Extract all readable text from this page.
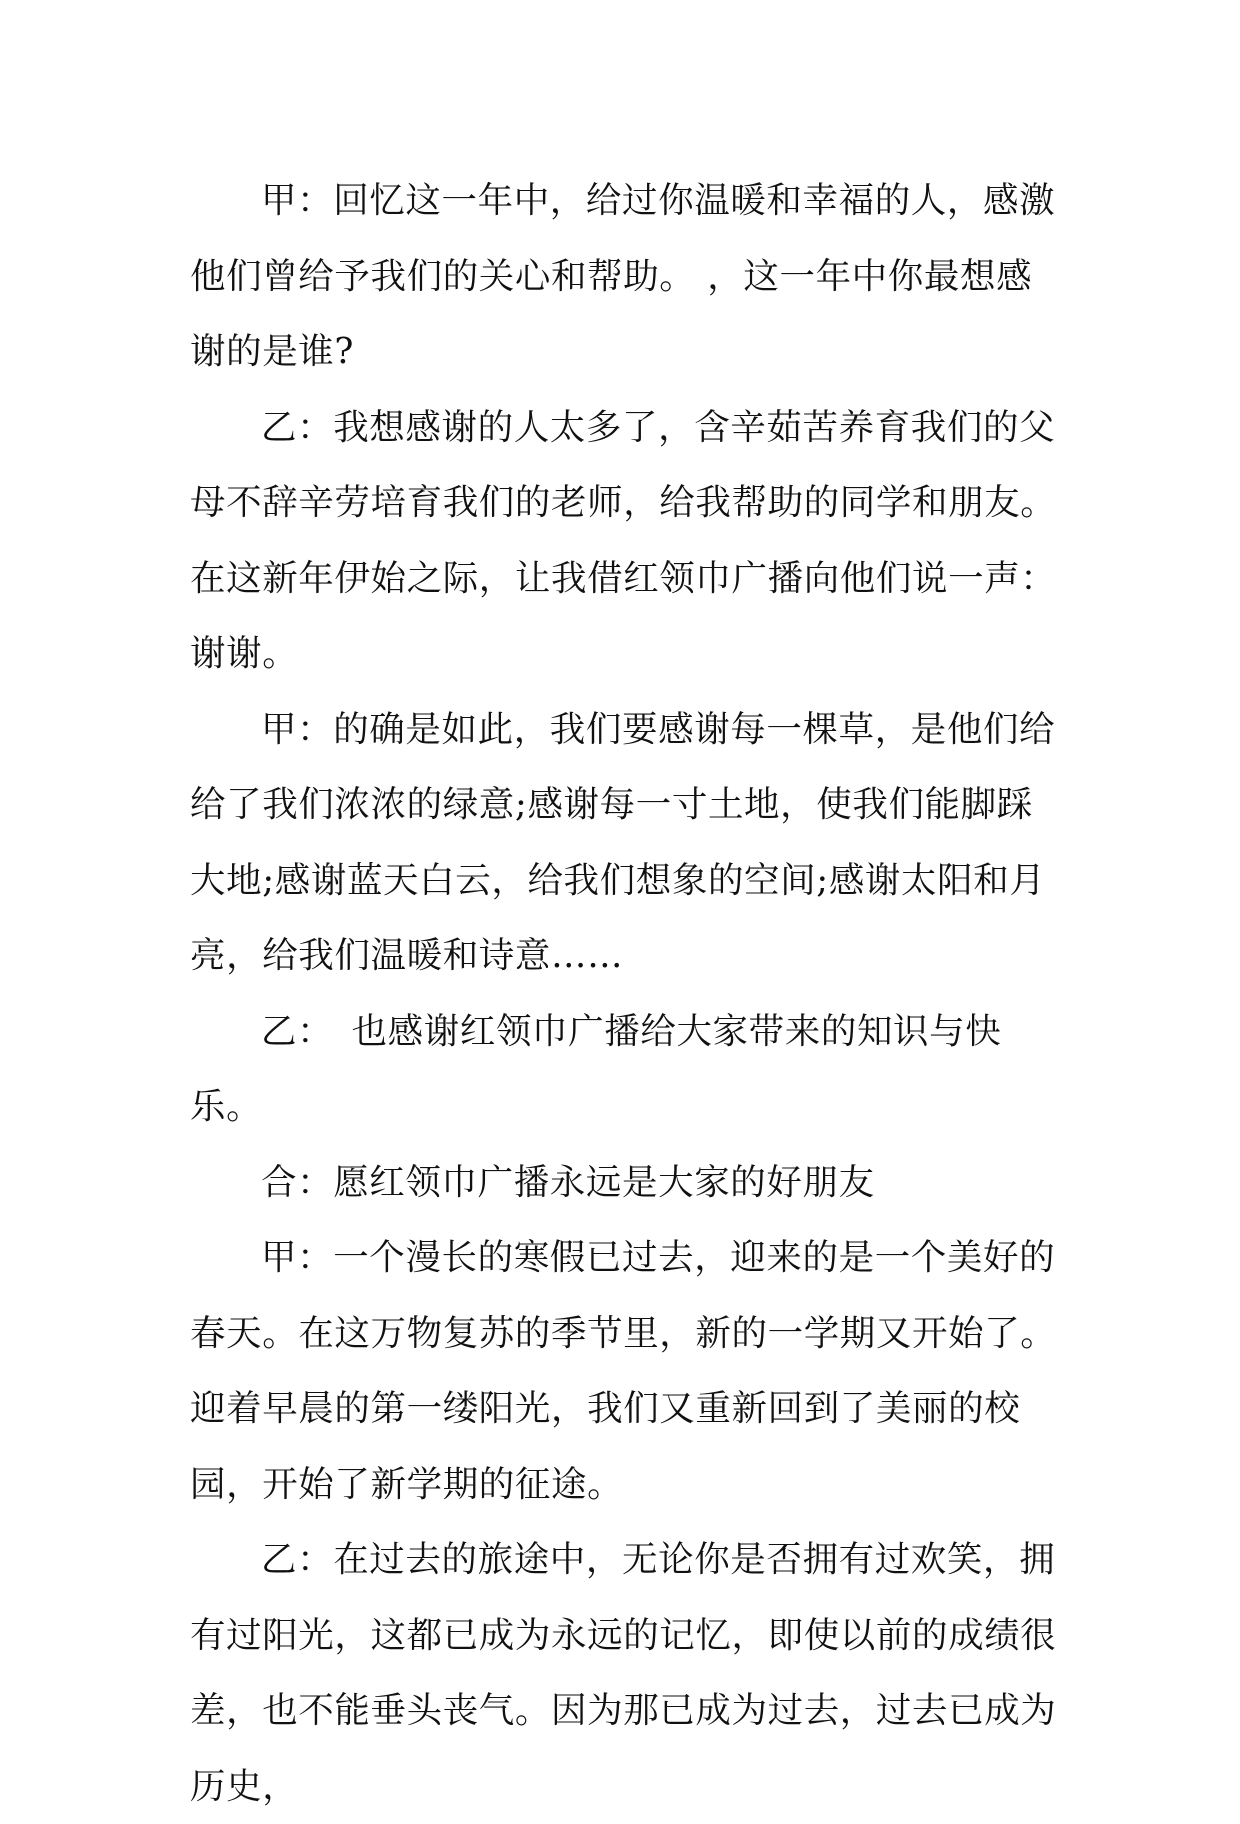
甲：回忆这一年中，给过你温暖和幸福的人，感激他们曾给予我们的关心和帮助。 ，这一年中你最想感谢的是谁?

乙：我想感谢的人太多了，含辛茹苦养育我们的父母不辞辛劳培育我们的老师，给我帮助的同学和朋友。在这新年伊始之际，让我借红领巾广播向他们说一声：谢谢。

甲：的确是如此，我们要感谢每一棵草，是他们给给了我们浓浓的绿意;感谢每一寸土地，使我们能脚踩大地;感谢蓝天白云，给我们想象的空间;感谢太阳和月亮，给我们温暖和诗意……

乙：　也感谢红领巾广播给大家带来的知识与快乐。

合：愿红领巾广播永远是大家的好朋友

甲：一个漫长的寒假已过去，迎来的是一个美好的春天。在这万物复苏的季节里，新的一学期又开始了。迎着早晨的第一缕阳光，我们又重新回到了美丽的校园，开始了新学期的征途。

乙：在过去的旅途中，无论你是否拥有过欢笑，拥有过阳光，这都已成为永远的记忆，即使以前的成绩很差，也不能垂头丧气。因为那已成为过去，过去已成为历史，
